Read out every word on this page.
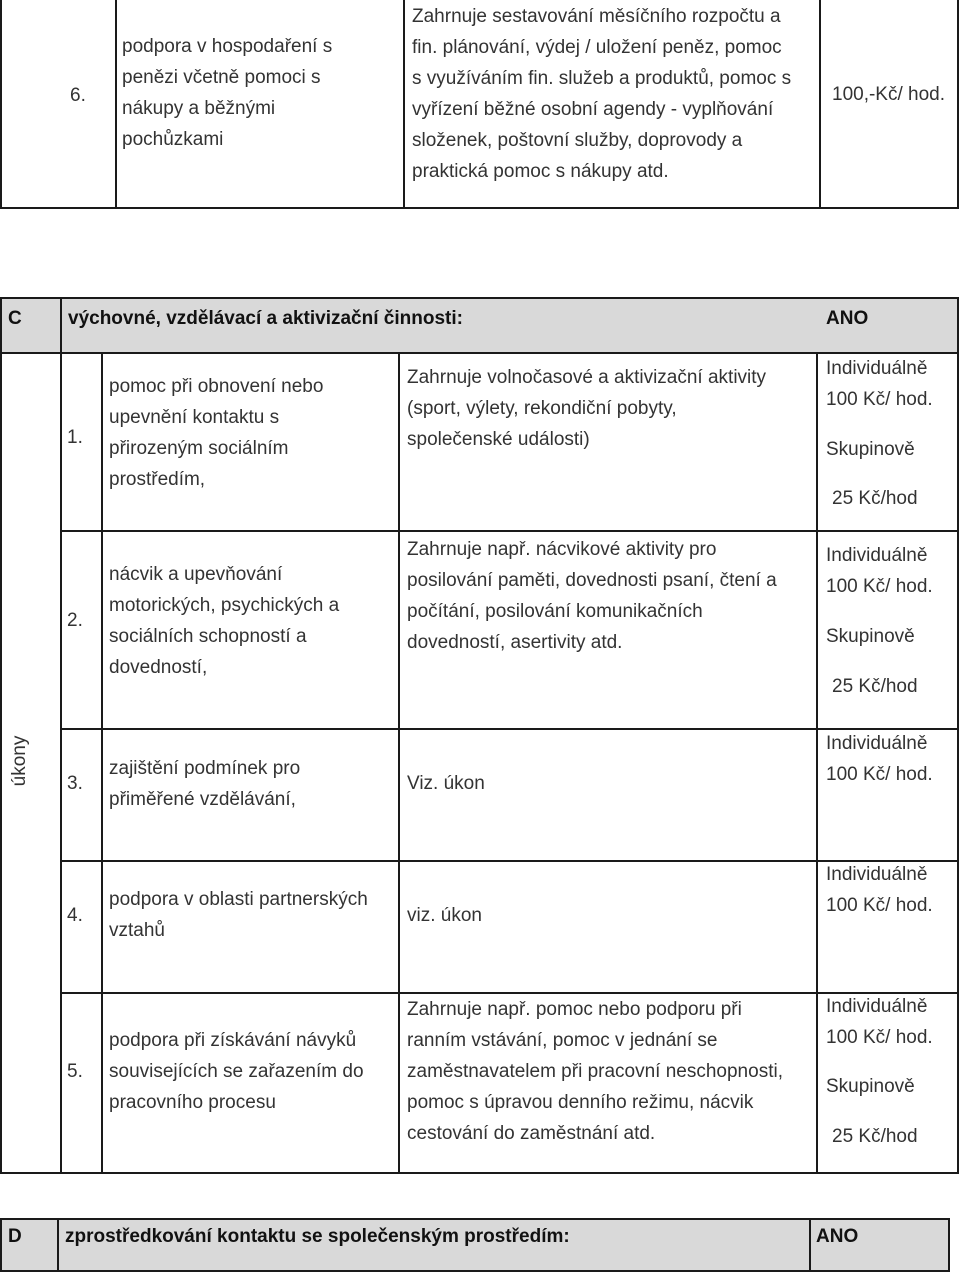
6.
podpora v hospodaření s
penězi včetně pomoci s
nákupy a běžnými
pochůzkami
Zahrnuje sestavování měsíčního rozpočtu a
fin. plánování, výdej / uložení peněz, pomoc
s využíváním fin. služeb a produktů, pomoc s
vyřízení běžné osobní agendy - vyplňování
složenek, poštovní služby, doprovody a
praktická pomoc s nákupy atd.
100,-Kč/ hod.
C výchovné, vzdělávací a aktivizační činnosti:	ANO
úkony
1.
pomoc při obnovení nebo
upevnění kontaktu s
přirozeným sociálním
prostředím,
Zahrnuje volnočasové a aktivizační aktivity
(sport, výlety, rekondiční pobyty,
společenské události)
Individuálně
100 Kč/ hod.
Skupinově
25 Kč/hod
2.
nácvik a upevňování
motorických, psychických a
sociálních schopností a
dovedností,
Zahrnuje např. nácvikové aktivity pro
posilování paměti, dovednosti psaní, čtení a
počítání, posilování komunikačních
dovedností, asertivity atd.
Individuálně
100 Kč/ hod.
Skupinově
25 Kč/hod
3.
zajištění podmínek pro
přiměřené vzdělávání,
Viz. úkon
Individuálně
100 Kč/ hod.
4.
podpora v oblasti partnerských
vztahů
viz. úkon
Individuálně
100 Kč/ hod.
5.
podpora při získávání návyků
souvisejících se zařazením do
pracovního procesu
Zahrnuje např. pomoc nebo podporu při
ranním vstávání, pomoc v jednání se
zaměstnavatelem při pracovní neschopnosti,
pomoc s úpravou denního režimu, nácvik
cestování do zaměstnání atd.
Individuálně
100 Kč/ hod.
Skupinově
25 Kč/hod
D zprostředkování kontaktu se společenským prostředím:	ANO
